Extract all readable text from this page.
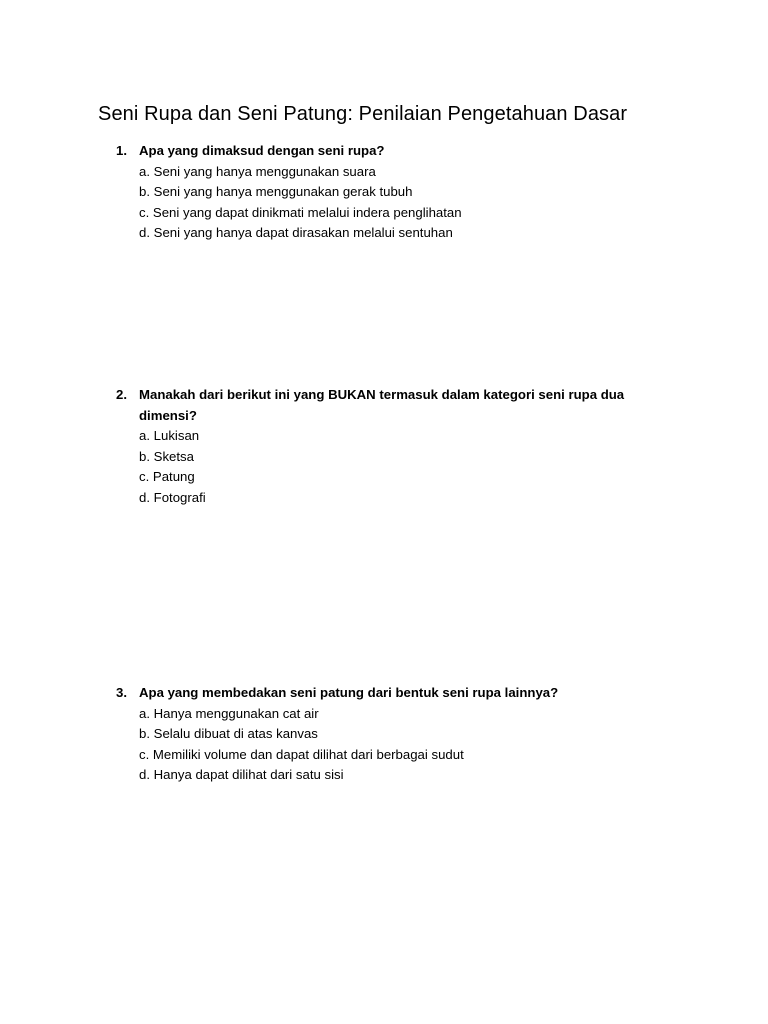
Seni Rupa dan Seni Patung: Penilaian Pengetahuan Dasar
1. Apa yang dimaksud dengan seni rupa?
a. Seni yang hanya menggunakan suara
b. Seni yang hanya menggunakan gerak tubuh
c. Seni yang dapat dinikmati melalui indera penglihatan
d. Seni yang hanya dapat dirasakan melalui sentuhan
2. Manakah dari berikut ini yang BUKAN termasuk dalam kategori seni rupa dua dimensi?
a. Lukisan
b. Sketsa
c. Patung
d. Fotografi
3. Apa yang membedakan seni patung dari bentuk seni rupa lainnya?
a. Hanya menggunakan cat air
b. Selalu dibuat di atas kanvas
c. Memiliki volume dan dapat dilihat dari berbagai sudut
d. Hanya dapat dilihat dari satu sisi
